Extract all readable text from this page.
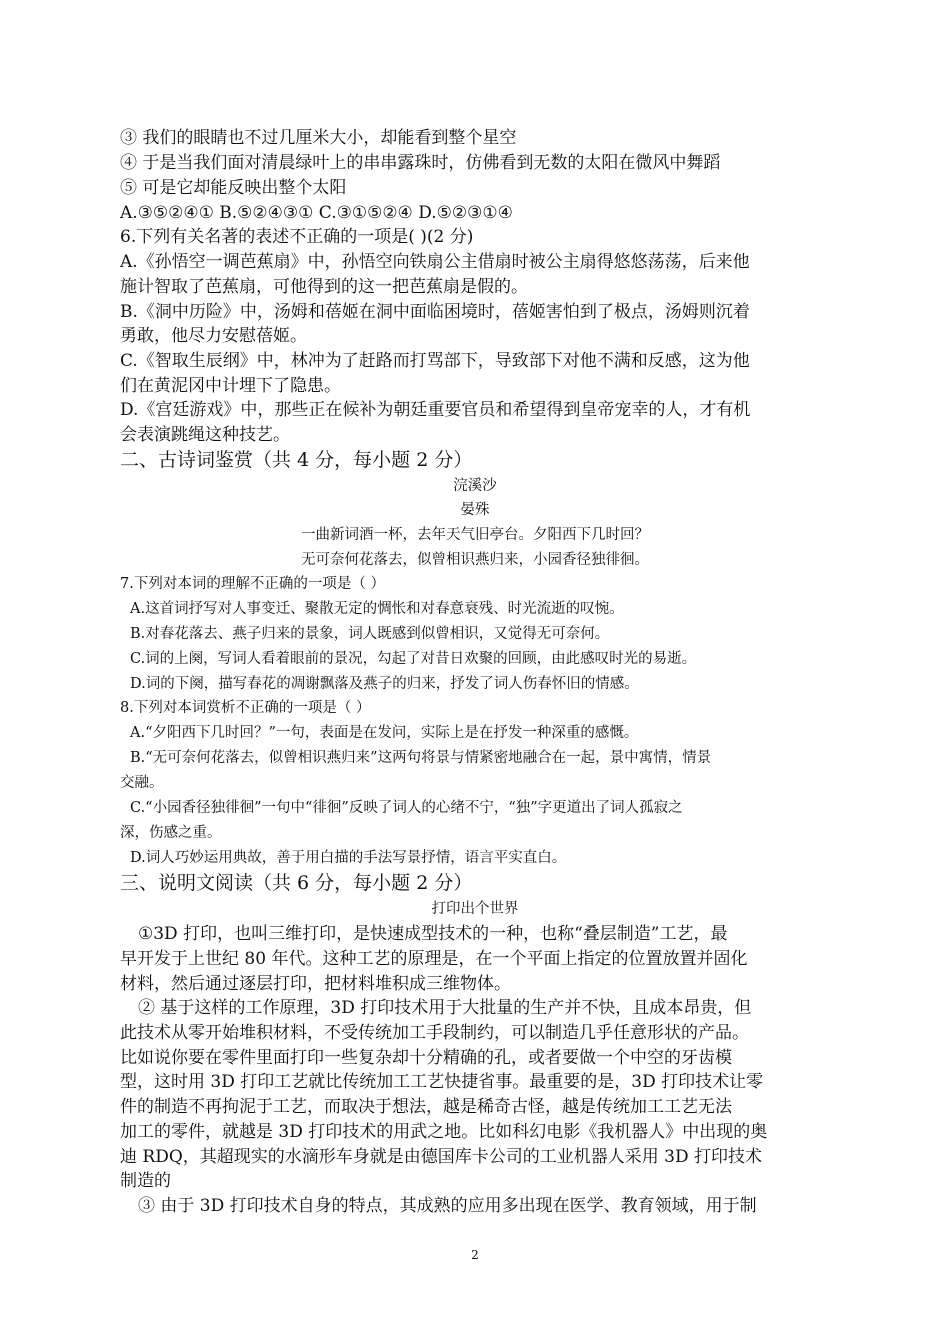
③ 我们的眼睛也不过几厘米大小，却能看到整个星空
④ 于是当我们面对清晨绿叶上的串串露珠时，仿佛看到无数的太阳在微风中舞蹈
⑤ 可是它却能反映出整个太阳
A.③⑤②④① B.⑤②④③① C.③①⑤②④ D.⑤②③①④
6.下列有关名著的表述不正确的一项是( )(2 分)
A.《孙悟空一调芭蕉扇》中，孙悟空向铁扇公主借扇时被公主扇得悠悠荡荡，后来他
施计智取了芭蕉扇，可他得到的这一把芭蕉扇是假的。
B.《洞中历险》中，汤姆和蓓姬在洞中面临困境时，蓓姬害怕到了极点，汤姆则沉着
勇敢，他尽力安慰蓓姬。
C.《智取生辰纲》中，林冲为了赶路而打骂部下，导致部下对他不满和反感，这为他
们在黄泥冈中计埋下了隐患。
D.《宫廷游戏》中，那些正在候补为朝廷重要官员和希望得到皇帝宠幸的人，才有机
会表演跳绳这种技艺。
二、古诗词鉴赏（共 4 分，每小题 2 分）
浣溪沙
晏殊
一曲新词酒一杯，去年天气旧亭台。夕阳西下几时回？
无可奈何花落去，似曾相识燕归来，小园香径独徘徊。
7.下列对本词的理解不正确的一项是（ ）
A.这首词抒写对人事变迁、聚散无定的惆怅和对春意衰残、时光流逝的叹惋。
B.对春花落去、燕子归来的景象，词人既感到似曾相识，又觉得无可奈何。
C.词的上阕，写词人看着眼前的景况，勾起了对昔日欢聚的回顾，由此感叹时光的易逝。
D.词的下阕，描写春花的凋谢飘落及燕子的归来，抒发了词人伤春怀旧的情感。
8.下列对本词赏析不正确的一项是（ ）
A.“夕阳西下几时回？”一句，表面是在发问，实际上是在抒发一种深重的感慨。
B.“无可奈何花落去，似曾相识燕归来”这两句将景与情紧密地融合在一起，景中寓情，情景
交融。
C.“小园香径独徘徊”一句中“徘徊”反映了词人的心绪不宁，“独”字更道出了词人孤寂之
深，伤感之重。
D.词人巧妙运用典故，善于用白描的手法写景抒情，语言平实直白。
三、说明文阅读（共 6 分，每小题 2 分）
打印出个世界
①3D 打印，也叫三维打印，是快速成型技术的一种，也称“叠层制造”工艺，最
早开发于上世纪 80 年代。这种工艺的原理是，在一个平面上指定的位置放置并固化
材料，然后通过逐层打印，把材料堆积成三维物体。
② 基于这样的工作原理，3D 打印技术用于大批量的生产并不快，且成本昂贵，但
此技术从零开始堆积材料，不受传统加工手段制约，可以制造几乎任意形状的产品。
比如说你要在零件里面打印一些复杂却十分精确的孔，或者要做一个中空的牙齿模
型，这时用 3D 打印工艺就比传统加工工艺快捷省事。最重要的是，3D 打印技术让零
件的制造不再拘泥于工艺，而取决于想法，越是稀奇古怪，越是传统加工工艺无法
加工的零件，就越是 3D 打印技术的用武之地。比如科幻电影《我机器人》中出现的奥
迪 RDQ，其超现实的水滴形车身就是由德国库卡公司的工业机器人采用 3D 打印技术
制造的
③ 由于 3D 打印技术自身的特点，其成熟的应用多出现在医学、教育领域，用于制
2
